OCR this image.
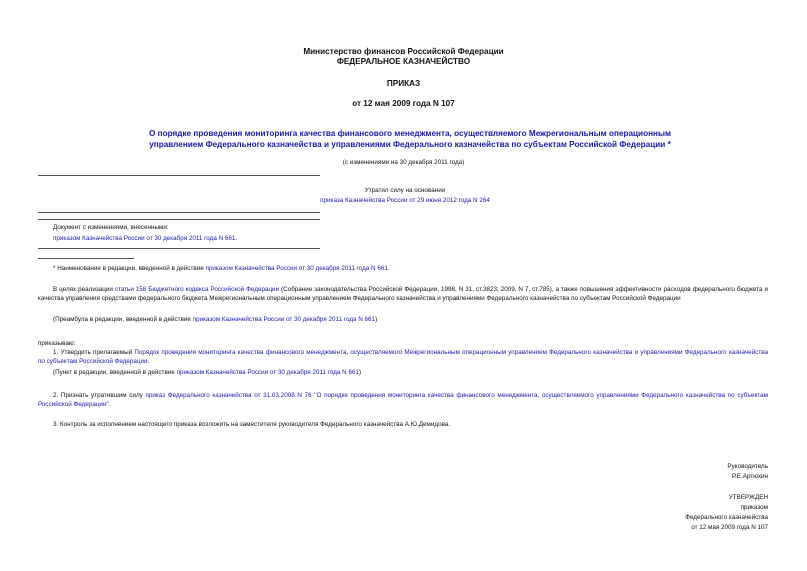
Министерство финансов Российской Федерации
ФЕДЕРАЛЬНОЕ КАЗНАЧЕЙСТВО
ПРИКАЗ
от 12 мая 2009 года N 107
О порядке проведения мониторинга качества финансового менеджмента, осуществляемого Межрегиональным операционным управлением Федерального казначейства и управлениями Федерального казначейства по субъектам Российской Федерации *
(с изменениями на 30 декабря 2011 года)
Утратил силу на основании
приказа Казначейства России от 29 июня 2012 года N 264
Документ с изменениями, внесенными:
приказом Казначейства России от 30 декабря 2011 года N 661.
* Наименование в редакции, введенной в действие приказом Казначейства России от 30 декабря 2011 года N 661.
В целях реализации статьи 158 Бюджетного кодекса Российской Федерации (Собрание законодательства Российской Федерации, 1998, N 31, ст.3823; 2009, N 7, ст.785), а также повышения эффективности расходов федерального бюджета и качества управления средствами федерального бюджета Межрегиональным операционным управлением Федерального казначейства и управлениями Федерального казначейства по субъектам Российской Федерации
(Преамбула в редакции, введенной в действие приказом Казначейства России от 30 декабря 2011 года N 661)
приказываю:
1. Утвердить прилагаемый Порядок проведения мониторинга качества финансового менеджмента, осуществляемого Межрегиональным операционным управлением Федерального казначейства и управлениями Федерального казначейства по субъектам Российской Федерации.
(Пункт в редакции, введенной в действие приказом Казначейства России от 30 декабря 2011 года N 661)
2. Признать утратившим силу приказ Федерального казначейства от 31.03.2008 N 76 "О порядке проведения мониторинга качества финансового менеджмента, осуществляемого управлениями Федерального казначейства по субъектам Российской Федерации".
3. Контроль за исполнением настоящего приказа возложить на заместителя руководителя Федерального казначейства А.Ю.Демидова.
Руководитель
Р.Е.Артюхин
УТВЕРЖДЕН
приказом
Федерального казначейства
от 12 мая 2009 года N 107
